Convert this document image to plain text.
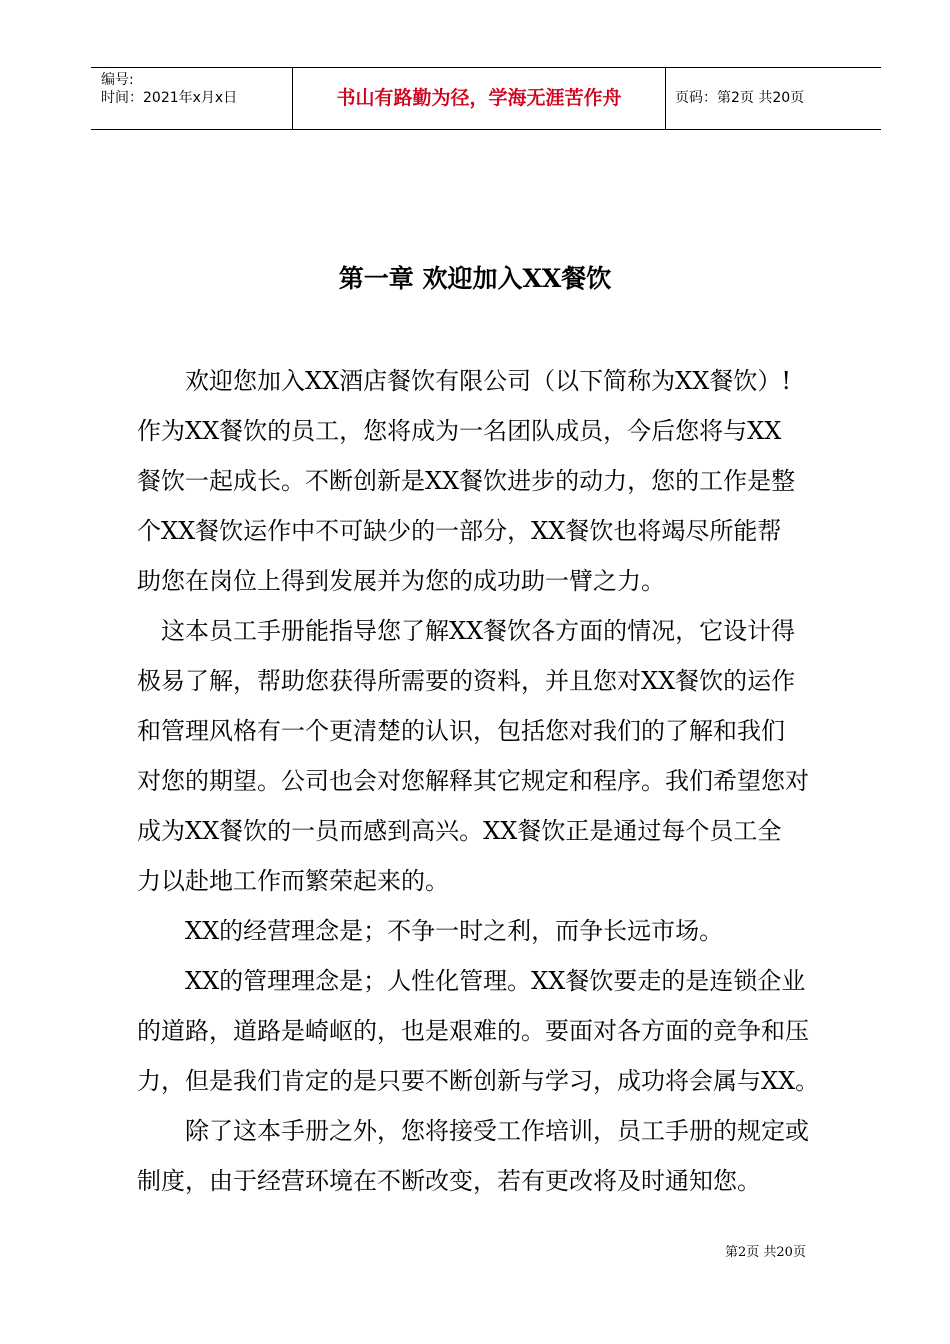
编号:
时间：2021年x月x日	书山有路勤为径，学海无涯苦作舟	页码：第2页 共20页
第一章 欢迎加入XX餐饮
欢迎您加入XX酒店餐饮有限公司（以下简称为XX餐饮）!
作为XX餐饮的员工，您将成为一名团队成员，今后您将与XX
餐饮一起成长。不断创新是XX餐饮进步的动力，您的工作是整
个XX餐饮运作中不可缺少的一部分，XX餐饮也将竭尽所能帮
助您在岗位上得到发展并为您的成功助一臂之力。
这本员工手册能指导您了解XX餐饮各方面的情况，它设计得
极易了解，帮助您获得所需要的资料，并且您对XX餐饮的运作
和管理风格有一个更清楚的认识，包括您对我们的了解和我们
对您的期望。公司也会对您解释其它规定和程序。我们希望您对
成为XX餐饮的一员而感到高兴。XX餐饮正是通过每个员工全
力以赴地工作而繁荣起来的。
XX的经营理念是；不争一时之利，而争长远市场。
XX的管理理念是；人性化管理。XX餐饮要走的是连锁企业
的道路，道路是崎岖的，也是艰难的。要面对各方面的竞争和压
力，但是我们肯定的是只要不断创新与学习，成功将会属与XX。
除了这本手册之外，您将接受工作培训，员工手册的规定或
制度，由于经营环境在不断改变，若有更改将及时通知您。
第2页 共20页
